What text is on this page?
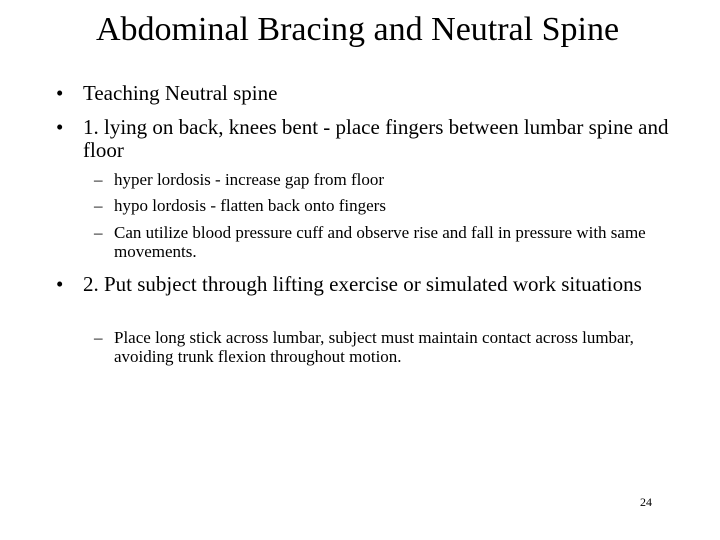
Abdominal Bracing and Neutral Spine
• Teaching Neutral spine
• 1. lying on back, knees bent - place fingers between lumbar spine and floor
– hyper lordosis - increase gap from floor
– hypo lordosis - flatten back onto fingers
– Can utilize blood pressure cuff and observe rise and fall in pressure with same movements.
• 2. Put subject through lifting exercise or simulated work situations
– Place long stick across lumbar, subject must maintain contact across lumbar, avoiding trunk flexion throughout motion.
24
